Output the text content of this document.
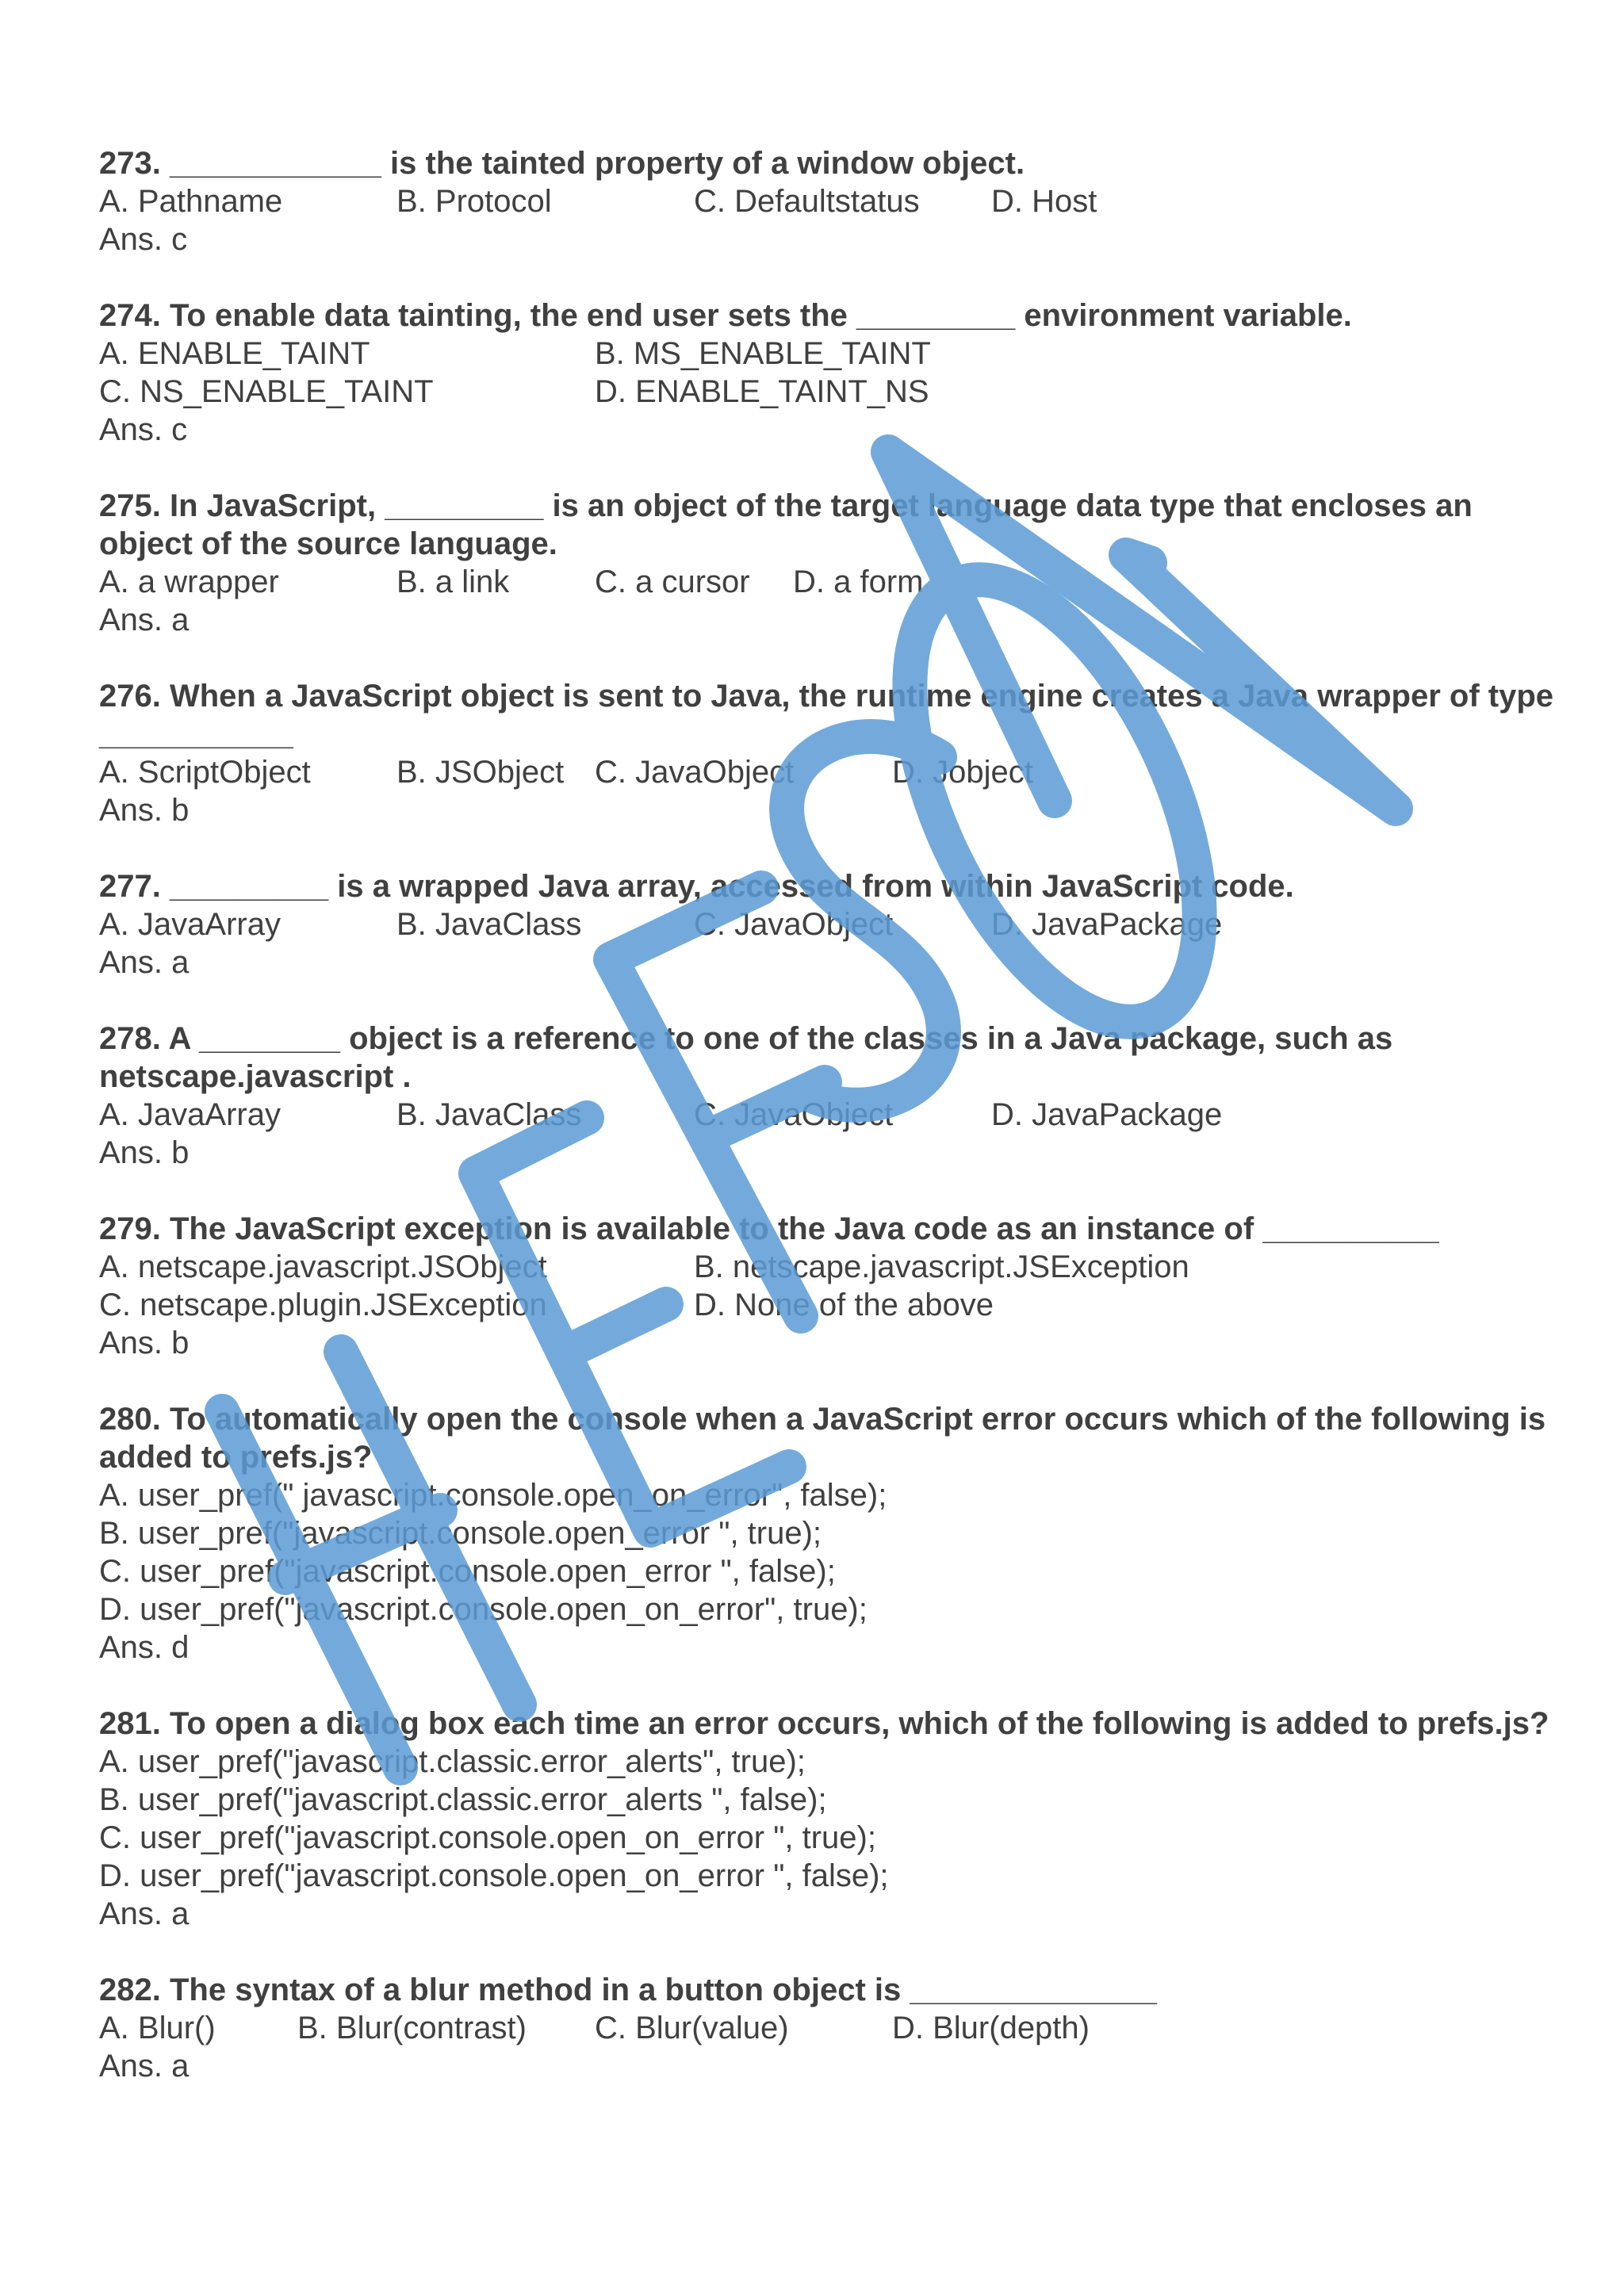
273. ____________ is the tainted property of a window object.
A. Pathname	B. Protocol	C. Defaultstatus D. Host
Ans. c
274. To enable data tainting, the end user sets the _________ environment variable.
A. ENABLE_TAINT	B. MS_ENABLE_TAINT
C. NS_ENABLE_TAINT	D. ENABLE_TAINT_NS
Ans. c
275. In JavaScript, _________ is an object of the target language data type that encloses an object of the source language.
A. a wrapper	B. a link	C. a cursor D. a form
Ans. a
276. When a JavaScript object is sent to Java, the runtime engine creates a Java wrapper of type ___________
A. ScriptObject	B. JSObject C. JavaObject	D. Jobject
Ans. b
277. _________ is a wrapped Java array, accessed from within JavaScript code.
A. JavaArray	B. JavaClass	C. JavaObject	D. JavaPackage
Ans. a
278. A ________ object is a reference to one of the classes in a Java package, such as netscape.javascript .
A. JavaArray	B. JavaClass	C. JavaObject	D. JavaPackage
Ans. b
279. The JavaScript exception is available to the Java code as an instance of __________
A. netscape.javascript.JSObject	B. netscape.javascript.JSException
C. netscape.plugin.JSException	D. None of the above
Ans. b
280. To automatically open the console when a JavaScript error occurs which of the following is added to prefs.js?
A. user_pref(" javascript.console.open_on_error", false);
B. user_pref("javascript.console.open_error ", true);
C. user_pref("javascript.console.open_error ", false);
D. user_pref("javascript.console.open_on_error", true);
Ans. d
281. To open a dialog box each time an error occurs, which of the following is added to prefs.js?
A. user_pref("javascript.classic.error_alerts", true);
B. user_pref("javascript.classic.error_alerts ", false);
C. user_pref("javascript.console.open_on_error ", true);
D. user_pref("javascript.console.open_on_error ", false);
Ans. a
282. The syntax of a blur method in a button object is ______________
A. Blur()	B. Blur(contrast) C. Blur(value)	D. Blur(depth)
Ans. a
